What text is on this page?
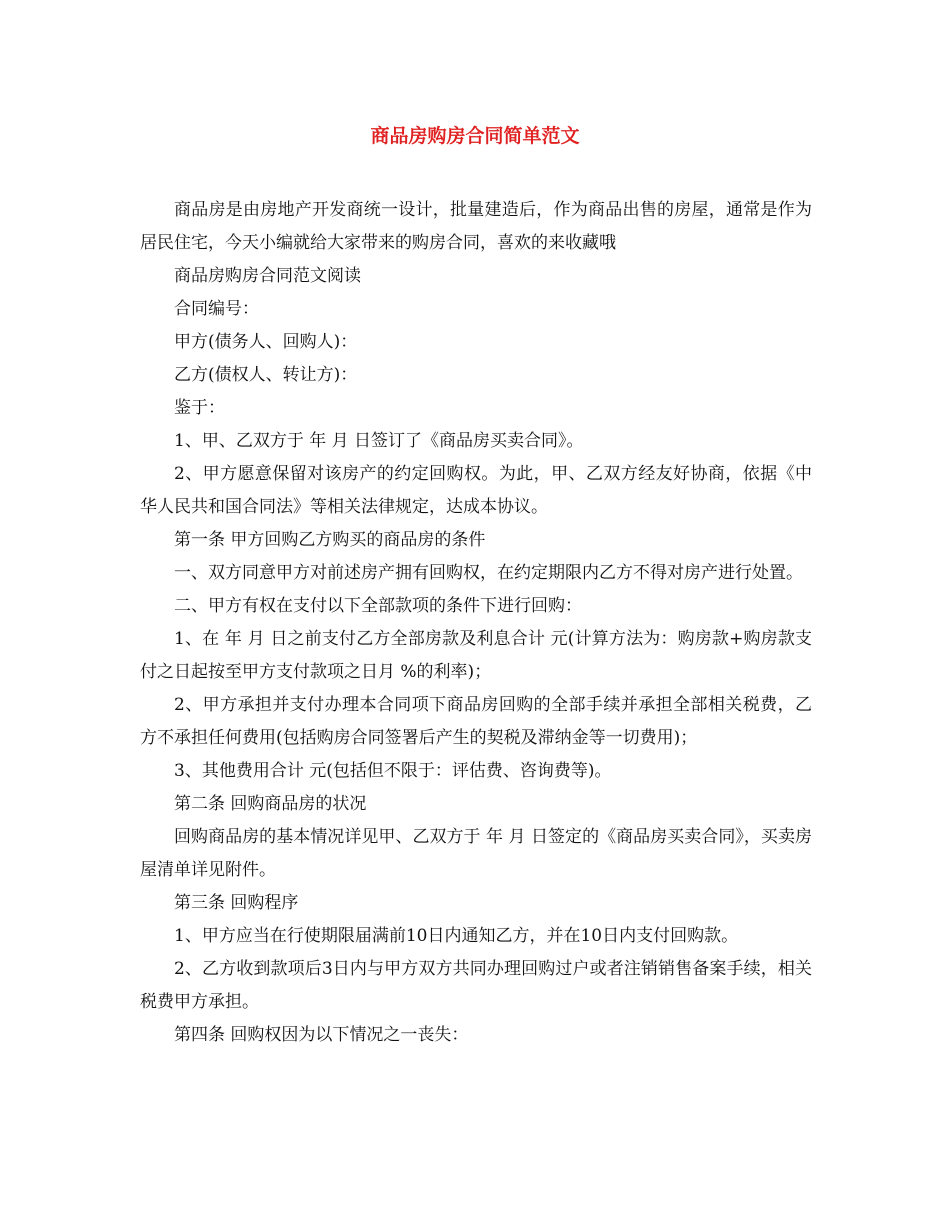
商品房购房合同简单范文

商品房是由房地产开发商统一设计，批量建造后，作为商品出售的房屋，通常是作为居民住宅，今天小编就给大家带来的购房合同，喜欢的来收藏哦

商品房购房合同范文阅读

合同编号：

甲方(债务人、回购人)：

乙方(债权人、转让方)：

鉴于：

1、甲、乙双方于 年 月 日签订了《商品房买卖合同》。

2、甲方愿意保留对该房产的约定回购权。为此，甲、乙双方经友好协商，依据《中华人民共和国合同法》等相关法律规定，达成本协议。

第一条 甲方回购乙方购买的商品房的条件

一、双方同意甲方对前述房产拥有回购权，在约定期限内乙方不得对房产进行处置。

二、甲方有权在支付以下全部款项的条件下进行回购：

1、在 年 月 日之前支付乙方全部房款及利息合计 元(计算方法为：购房款+购房款支付之日起按至甲方支付款项之日月 %的利率)；

2、甲方承担并支付办理本合同项下商品房回购的全部手续并承担全部相关税费，乙方不承担任何费用(包括购房合同签署后产生的契税及滞纳金等一切费用)；

3、其他费用合计 元(包括但不限于：评估费、咨询费等)。

第二条 回购商品房的状况

回购商品房的基本情况详见甲、乙双方于 年 月 日签定的《商品房买卖合同》，买卖房屋清单详见附件。

第三条 回购程序

1、甲方应当在行使期限届满前10日内通知乙方，并在10日内支付回购款。

2、乙方收到款项后3日内与甲方双方共同办理回购过户或者注销销售备案手续，相关税费甲方承担。

第四条 回购权因为以下情况之一丧失：
